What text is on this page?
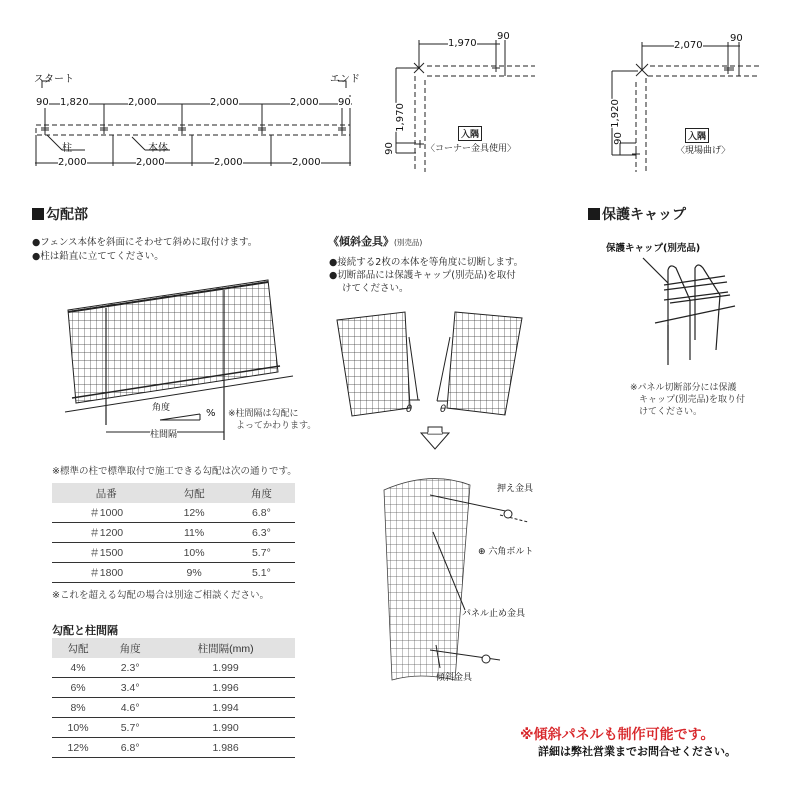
スタート	エンド
90 1,820	2,000	2,000	2,000 90
柱	本体
2,000	2,000	2,000	2,000
1,970
90
1,970
90
入隅
〈コーナー金具使用〉
2,070
90
1,920
90	入隅
〈現場曲げ〉
勾配部
●フェンス本体を斜面にそわせて斜めに取付けます。
●柱は鉛直に立ててください。
角度	%
柱間隔
※柱間隔は勾配に
よってかわります。
《傾斜金具》(別売品)
●接続する2枚の本体を等角度に切断します。
●切断部品には保護キャップ(別売品)を取付
けてください。
θ	θ
押え金具
⊕ 六角ボルト
パネル止め金具
傾斜金具
保護キャップ
保護キャップ(別売品)
※パネル切断部分には保護
キャップ(別売品)を取り付
けてください。
※標準の柱で標準取付で施工できる勾配は次の通りです。
品番	勾配	角度
＃1000	12%	6.8°
＃1200	11%	6.3°
＃1500	10%	5.7°
＃1800	9%	5.1°
※これを超える勾配の場合は別途ご相談ください。
勾配と柱間隔
勾配	角度	柱間隔(mm)
4%	2.3°	1.999
6%	3.4°	1.996
8%	4.6°	1.994
10%	5.7°	1.990
12%	6.8°	1.986
※傾斜パネルも制作可能です。
詳細は弊社営業までお問合せください。
